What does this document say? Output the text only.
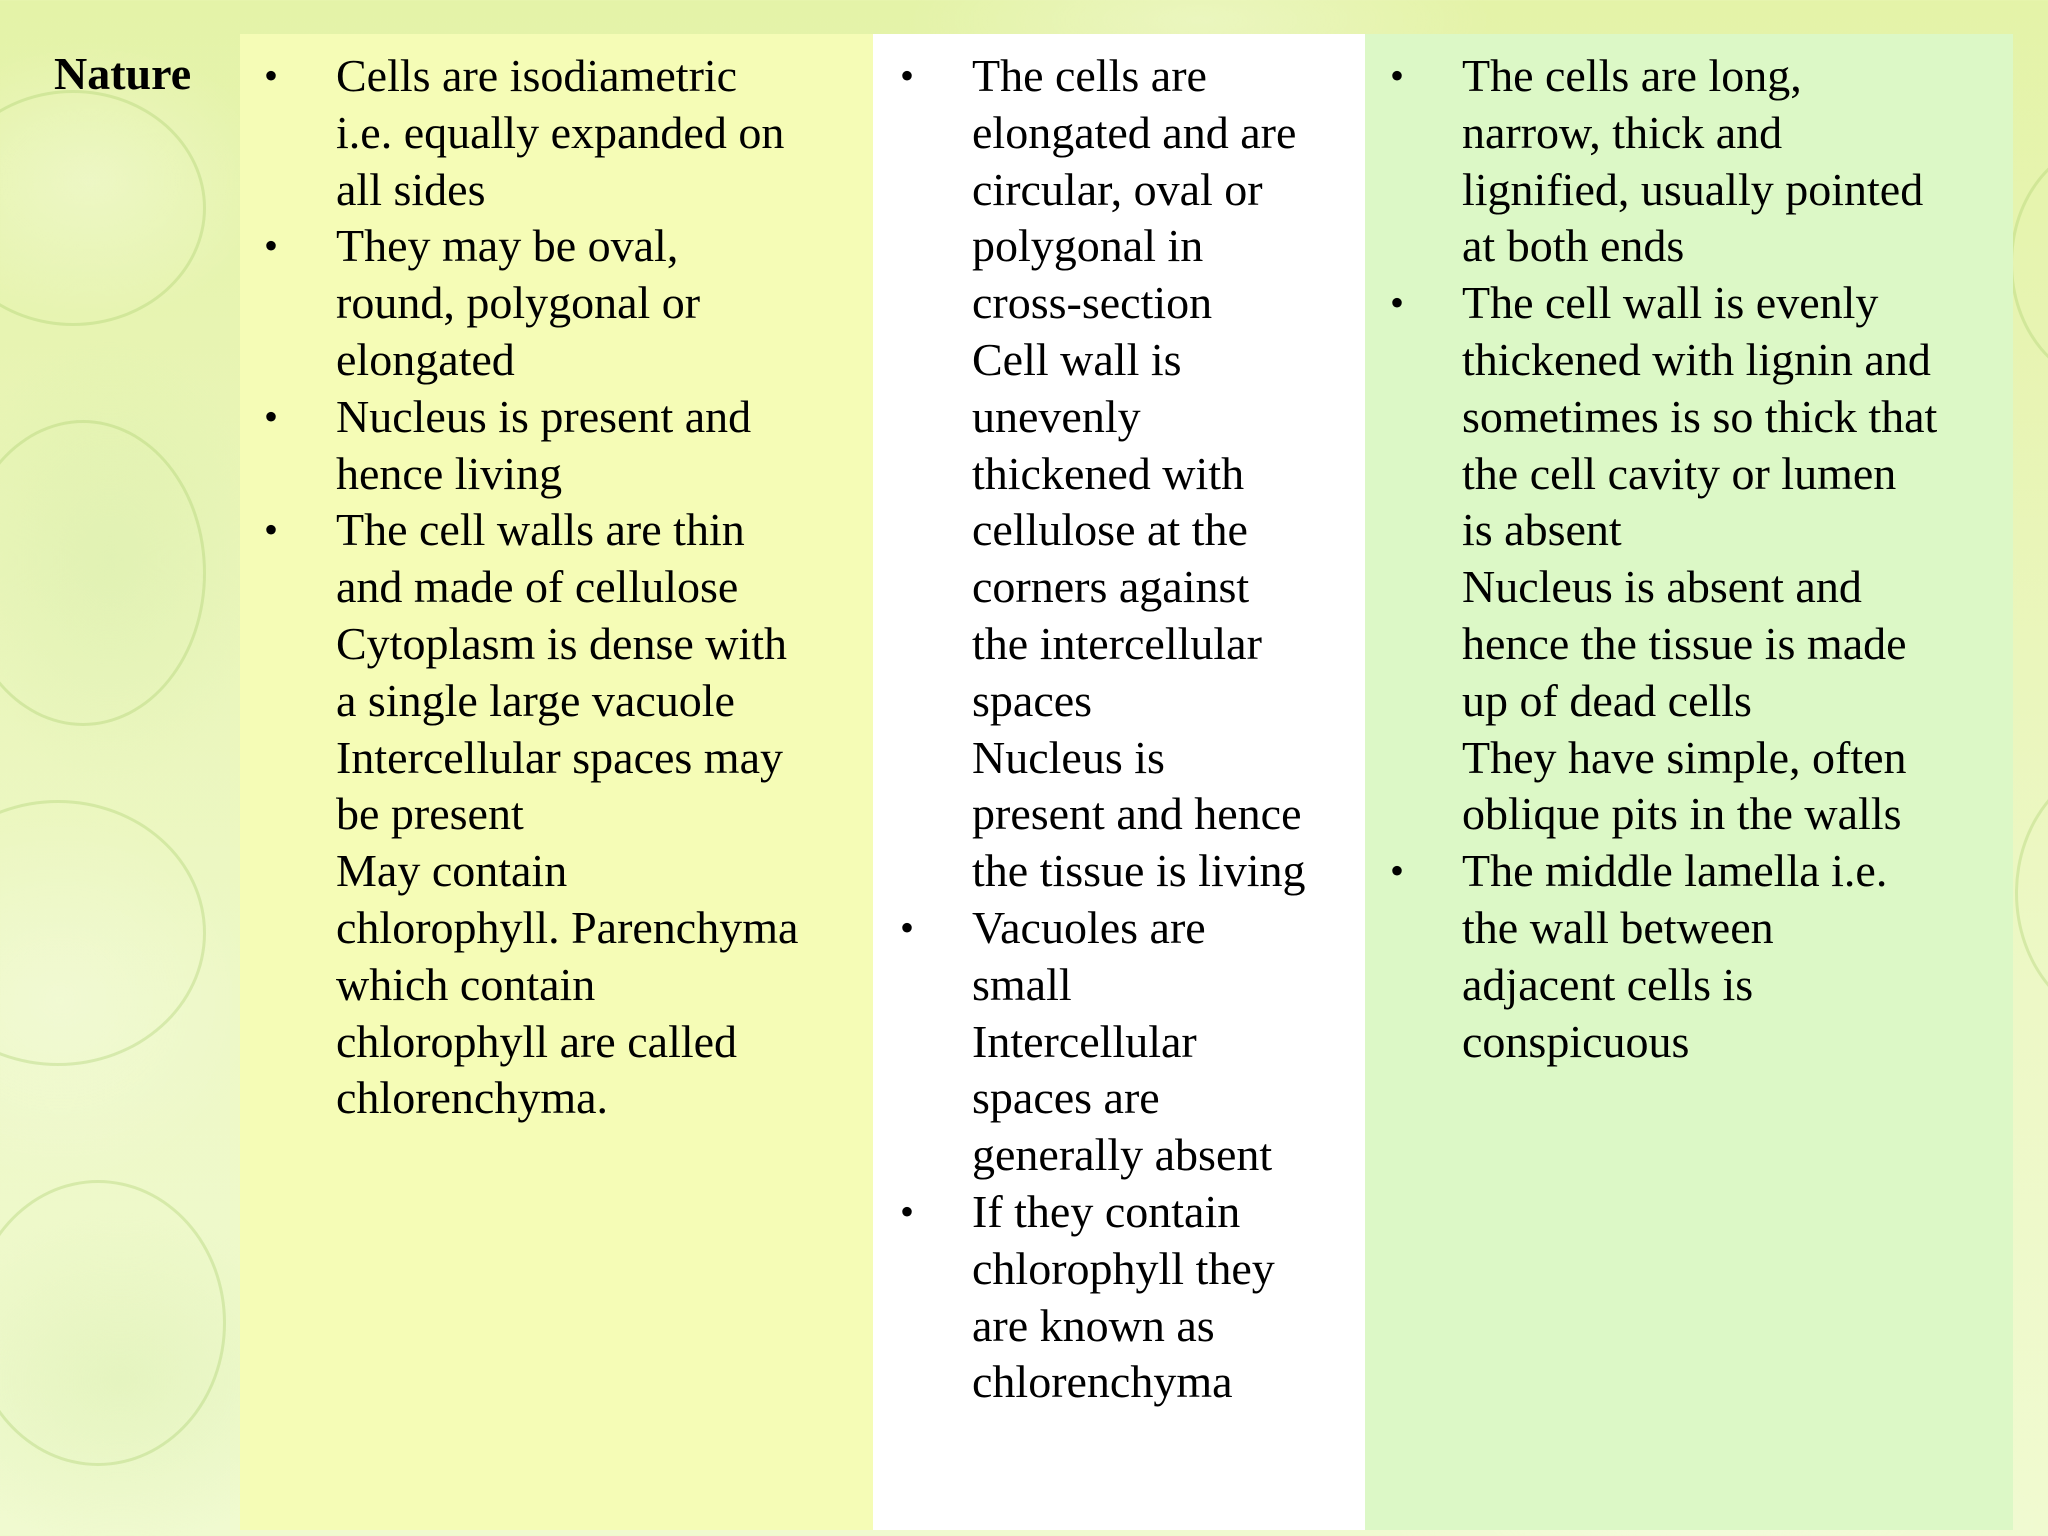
Nature	• Cells are isodiametric
i.e. equally expanded on
all sides
• They may be oval,
round, polygonal or
elongated
• Nucleus is present and
hence living
• The cell walls are thin
and made of cellulose
Cytoplasm is dense with
a single large vacuole
Intercellular spaces may
be present
May contain
chlorophyll. Parenchyma
which contain
chlorophyll are called
chlorenchyma.
• The cells are
elongated and are
circular, oval or
polygonal in
cross-section
Cell wall is
unevenly
thickened with
cellulose at the
corners against
the intercellular
spaces
Nucleus is
present and hence
the tissue is living
• Vacuoles are
small
Intercellular
spaces are
generally absent
• If they contain
chlorophyll they
are known as
chlorenchyma
• The cells are long,
narrow, thick and
lignified, usually pointed
at both ends
• The cell wall is evenly
thickened with lignin and
sometimes is so thick that
the cell cavity or lumen
is absent
Nucleus is absent and
hence the tissue is made
up of dead cells
They have simple, often
oblique pits in the walls
• The middle lamella i.e.
the wall between
adjacent cells is
conspicuous
